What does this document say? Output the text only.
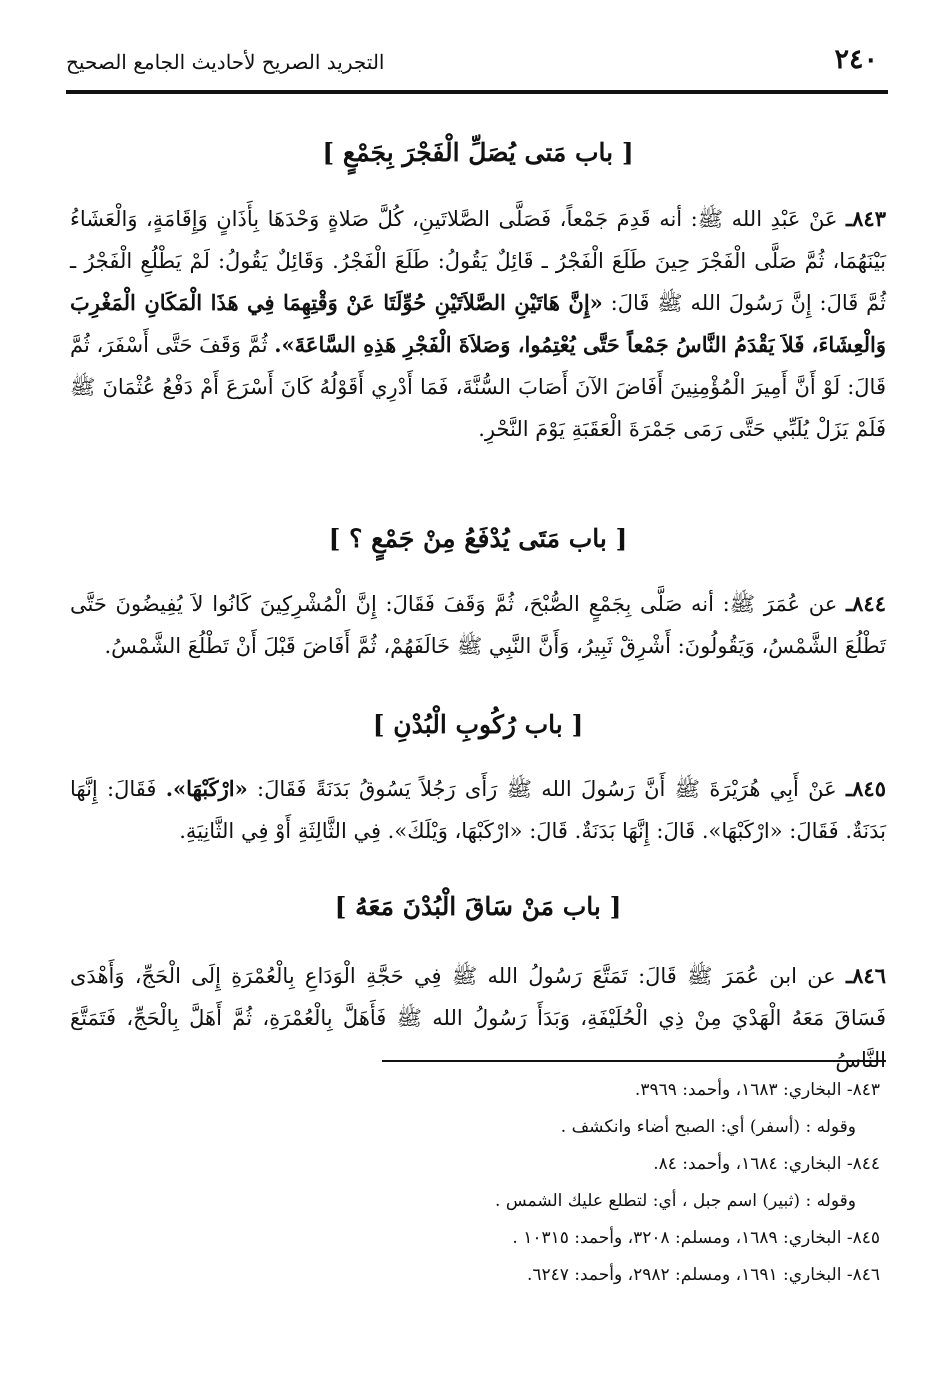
٢٤٠
التجريد الصريح لأحاديث الجامع الصحيح
[ باب مَتى يُصَلِّ الْفَجْرَ بِجَمْعٍ ]

٨٤٣ـ عَنْ عَبْدِ الله ﷺ: أنه قَدِمَ جَمْعاً، فَصَلَّى الصَّلاتَينِ، كُلَّ صَلاةٍ وَحْدَهَا بِأَذَانٍ وَإِقَامَةٍ، وَالْعَشَاءُ بَيْنَهُمَا، ثُمَّ صَلَّى الْفَجْرَ حِينَ طَلَعَ الْفَجْرُ ـ قَائِلٌ يَقُولُ: طَلَعَ الْفَجْرُ. وَقَائِلٌ يَقُولُ: لَمْ يَطْلُعِ الْفَجْرُ ـ ثُمَّ قَالَ: إِنَّ رَسُولَ الله ﷺ قَالَ: «إِنَّ هَاتَيْنِ الصَّلاَتَيْنِ حُوِّلَتَا عَنْ وَقْتِهِمَا فِي هَذَا الْمَكَانِ الْمَغْرِبَ وَالْعِشَاءَ، فَلاَ يَقْدَمُ النَّاسُ جَمْعاً حَتَّى يُعْتِمُوا، وَصَلاَةَ الْفَجْرِ هَذِهِ السَّاعَةَ». ثُمَّ وَقَفَ حَتَّى أَسْفَرَ، ثُمَّ قَالَ: لَوْ أَنَّ أَمِيرَ الْمُؤْمِنِينَ أَفَاضَ الآنَ أَصَابَ السُّنَّةَ، فَمَا أَدْرِي أَقَوْلُهُ كَانَ أَسْرَعَ أَمْ دَفْعُ عُثْمَانَ ﷺ فَلَمْ يَزَلْ يُلَبِّي حَتَّى رَمَى جَمْرَةَ الْعَقَبَةِ يَوْمَ النَّحْرِ.

[ باب مَتَى يُدْفَعُ مِنْ جَمْعٍ ؟ ]

٨٤٤ـ عن عُمَرَ ﷺ: أنه صَلَّى بِجَمْعٍ الصُّبْحَ، ثُمَّ وَقَفَ فَقَالَ: إِنَّ الْمُشْرِكِينَ كَانُوا لاَ يُفِيضُونَ حَتَّى تَطْلُعَ الشَّمْسُ، وَيَقُولُونَ: أَشْرِقْ ثَبِيرُ، وَأَنَّ النَّبِي ﷺ خَالَفَهُمْ، ثُمَّ أَفَاضَ قَبْلَ أَنْ تَطْلُعَ الشَّمْسُ.

[ باب رُكُوبِ الْبُدْنِ ]

٨٤٥ـ عَنْ أَبِي هُرَيْرَةَ ﷺ أَنَّ رَسُولَ الله ﷺ رَأَى رَجُلاً يَسُوقُ بَدَنَةً فَقَالَ: «ارْكَبْهَا». فَقَالَ: إِنَّهَا بَدَنَةٌ. فَقَالَ: «ارْكَبْهَا». قَالَ: إِنَّهَا بَدَنَةٌ. قَالَ: «ارْكَبْهَا، وَيْلَكَ». فِي الثَّالِثَةِ أَوْ فِي الثَّانِيَةِ.

[ باب مَنْ سَاقَ الْبُدْنَ مَعَهُ ]

٨٤٦ـ عن ابن عُمَرَ ﷺ قَالَ: تَمَتَّعَ رَسُولُ الله ﷺ فِي حَجَّةِ الْوَدَاعِ بِالْعُمْرَةِ إِلَى الْحَجِّ، وَأَهْدَى فَسَاقَ مَعَهُ الْهَدْيَ مِنْ ذِي الْحُلَيْفَةِ، وَبَدَأَ رَسُولُ الله ﷺ فَأَهَلَّ بِالْعُمْرَةِ، ثُمَّ أَهَلَّ بِالْحَجِّ، فَتَمَتَّعَ النَّاسُ

٨٤٣- البخاري: ١٦٨٣، وأحمد: ٣٩٦٩.

وقوله : (أسفر) أي: الصبح أضاء وانكشف .

٨٤٤- البخاري: ١٦٨٤، وأحمد: ٨٤.

وقوله : (ثبير) اسم جبل ، أي: لتطلع عليك الشمس .

٨٤٥- البخاري: ١٦٨٩، ومسلم: ٣٢٠٨، وأحمد: ١٠٣١٥ .

٨٤٦- البخاري: ١٦٩١، ومسلم: ٢٩٨٢، وأحمد: ٦٢٤٧.
